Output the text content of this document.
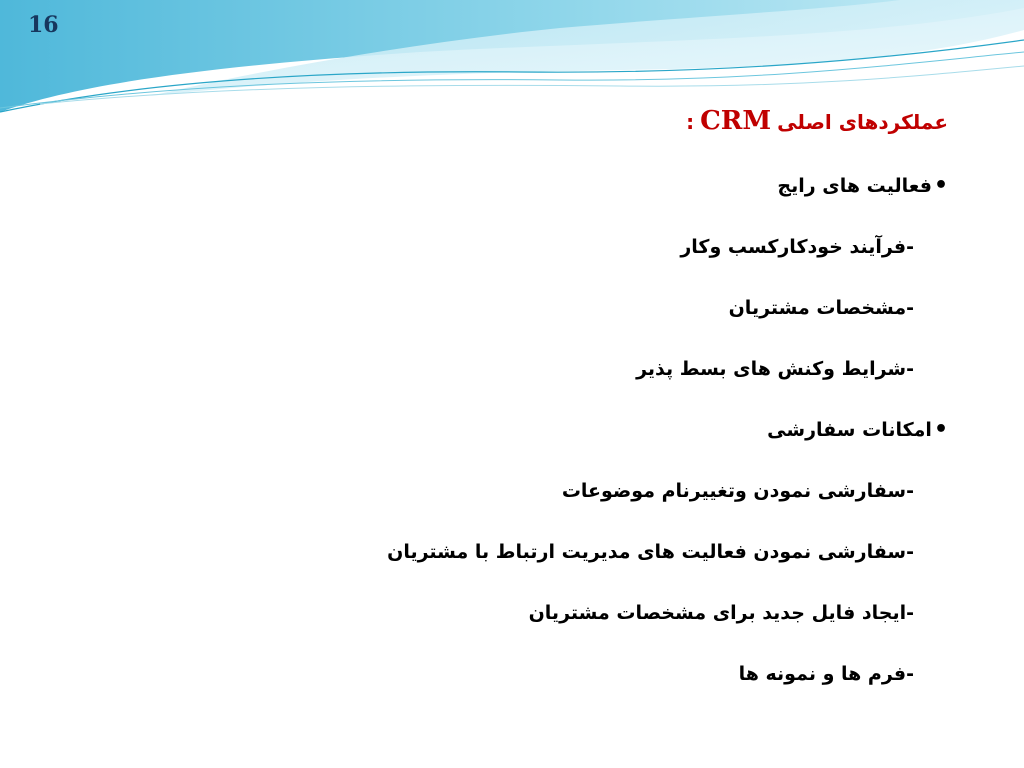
16
عملکردهای اصلیCRM:
•فعالیت های رایج
-فرآیند خودکارکسب وکار
-مشخصات مشتریان
-شرایط وکنش های بسط پذیر
•امکانات سفارشی
-سفارشی نمودن وتغییرنام موضوعات
-سفارشی نمودن فعالیت های مدیریت ارتباط با مشتریان
-ایجاد فایل جدید برای مشخصات مشتریان
-فرم ها و نمونه ها
